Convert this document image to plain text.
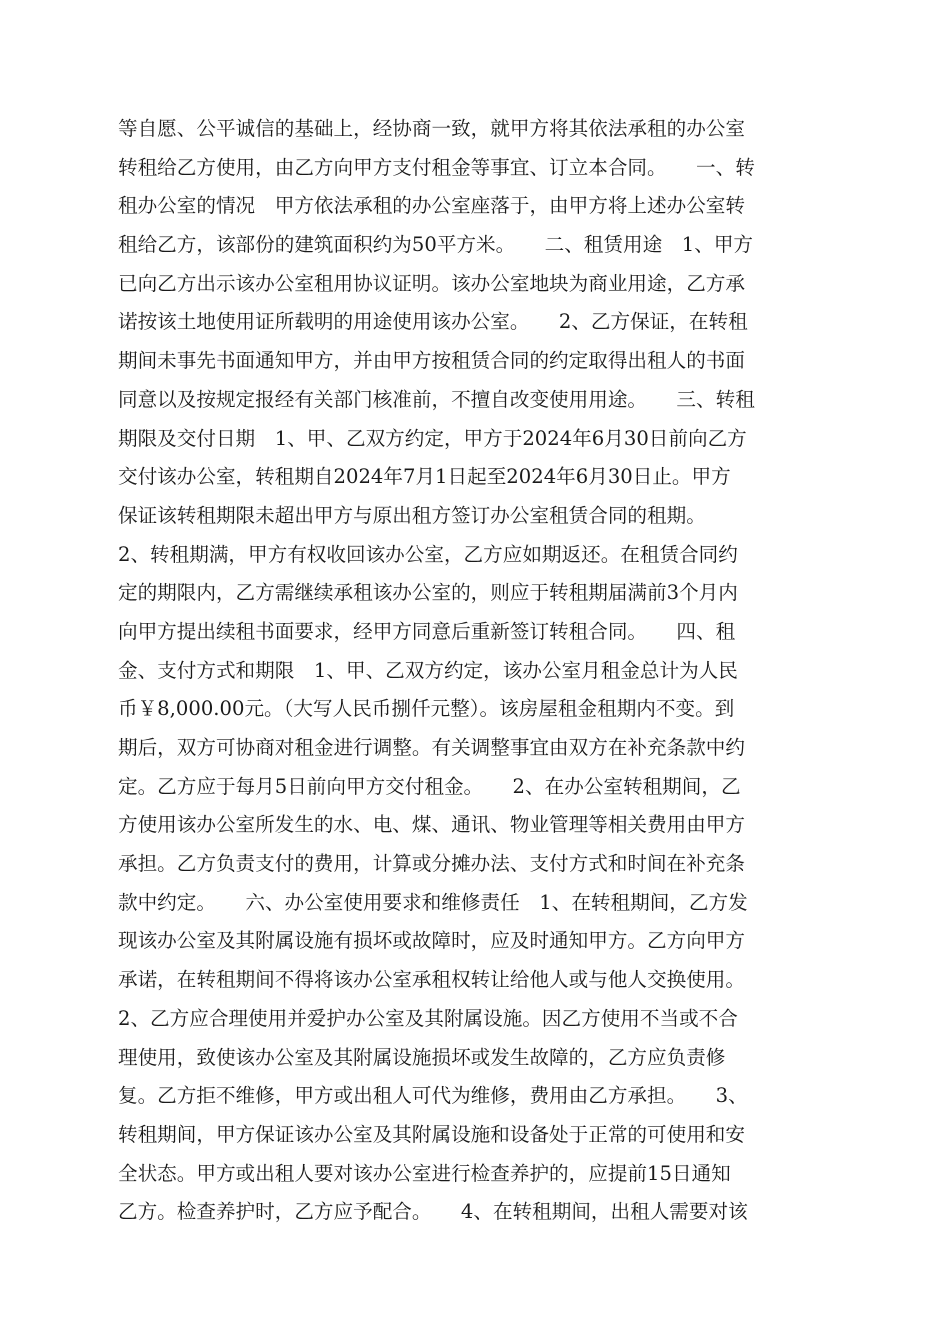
等自愿、公平诚信的基础上，经协商一致，就甲方将其依法承租的办公室
转租给乙方使用，由乙方向甲方支付租金等事宜、订立本合同。　　一、转
租办公室的情况　甲方依法承租的办公室座落于，由甲方将上述办公室转
租给乙方，该部份的建筑面积约为50平方米。　　二、租赁用途　1、甲方
已向乙方出示该办公室租用协议证明。该办公室地块为商业用途，乙方承
诺按该土地使用证所载明的用途使用该办公室。　　2、乙方保证，在转租
期间未事先书面通知甲方，并由甲方按租赁合同的约定取得出租人的书面
同意以及按规定报经有关部门核准前，不擅自改变使用用途。　　三、转租
期限及交付日期　1、甲、乙双方约定，甲方于2024年6月30日前向乙方
交付该办公室，转租期自2024年7月1日起至2024年6月30日止。甲方
保证该转租期限未超出甲方与原出租方签订办公室租赁合同的租期。
2、转租期满，甲方有权收回该办公室，乙方应如期返还。在租赁合同约
定的期限内，乙方需继续承租该办公室的，则应于转租期届满前3个月内
向甲方提出续租书面要求，经甲方同意后重新签订转租合同。　　四、租
金、支付方式和期限　1、甲、乙双方约定，该办公室月租金总计为人民
币￥8,000.00元。（大写人民币捌仟元整）。该房屋租金租期内不变。到
期后，双方可协商对租金进行调整。有关调整事宜由双方在补充条款中约
定。乙方应于每月5日前向甲方交付租金。　　2、在办公室转租期间，乙
方使用该办公室所发生的水、电、煤、通讯、物业管理等相关费用由甲方
承担。乙方负责支付的费用，计算或分摊办法、支付方式和时间在补充条
款中约定。　　六、办公室使用要求和维修责任　1、在转租期间，乙方发
现该办公室及其附属设施有损坏或故障时，应及时通知甲方。乙方向甲方
承诺，在转租期间不得将该办公室承租权转让给他人或与他人交换使用。
2、乙方应合理使用并爱护办公室及其附属设施。因乙方使用不当或不合
理使用，致使该办公室及其附属设施损坏或发生故障的，乙方应负责修
复。乙方拒不维修，甲方或出租人可代为维修，费用由乙方承担。　　3、
转租期间，甲方保证该办公室及其附属设施和设备处于正常的可使用和安
全状态。甲方或出租人要对该办公室进行检查养护的，应提前15日通知
乙方。检查养护时，乙方应予配合。　　4、在转租期间，出租人需要对该
